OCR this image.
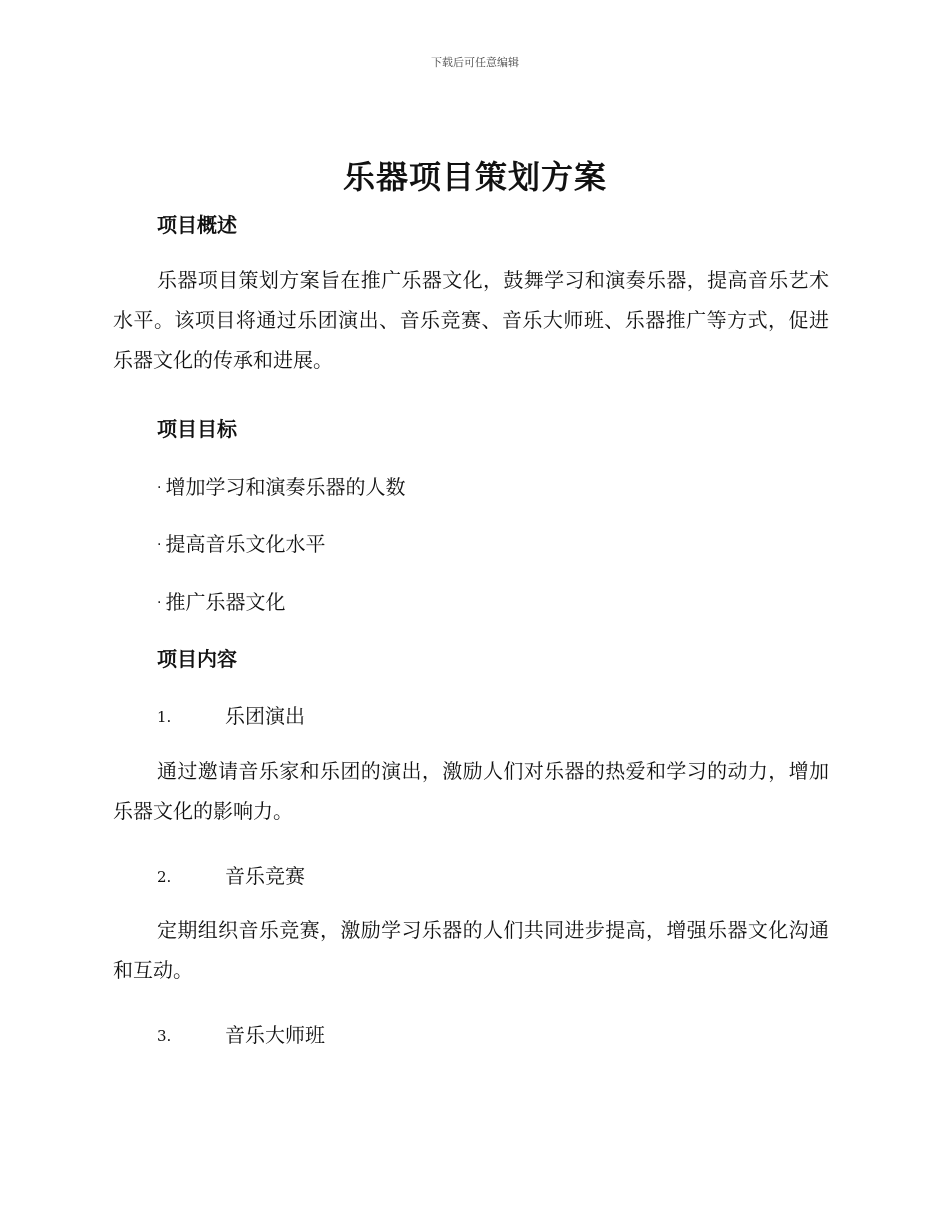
下载后可任意编辑
乐器项目策划方案
项目概述

乐器项目策划方案旨在推广乐器文化，鼓舞学习和演奏乐器，提高音乐艺术水平。该项目将通过乐团演出、音乐竞赛、音乐大师班、乐器推广等方式，促进乐器文化的传承和进展。

项目目标
· 增加学习和演奏乐器的人数
· 提高音乐文化水平
· 推广乐器文化
项目内容
1.	乐团演出

通过邀请音乐家和乐团的演出，激励人们对乐器的热爱和学习的动力，增加乐器文化的影响力。

2.	音乐竞赛

定期组织音乐竞赛，激励学习乐器的人们共同进步提高，增强乐器文化沟通和互动。

3.	音乐大师班
